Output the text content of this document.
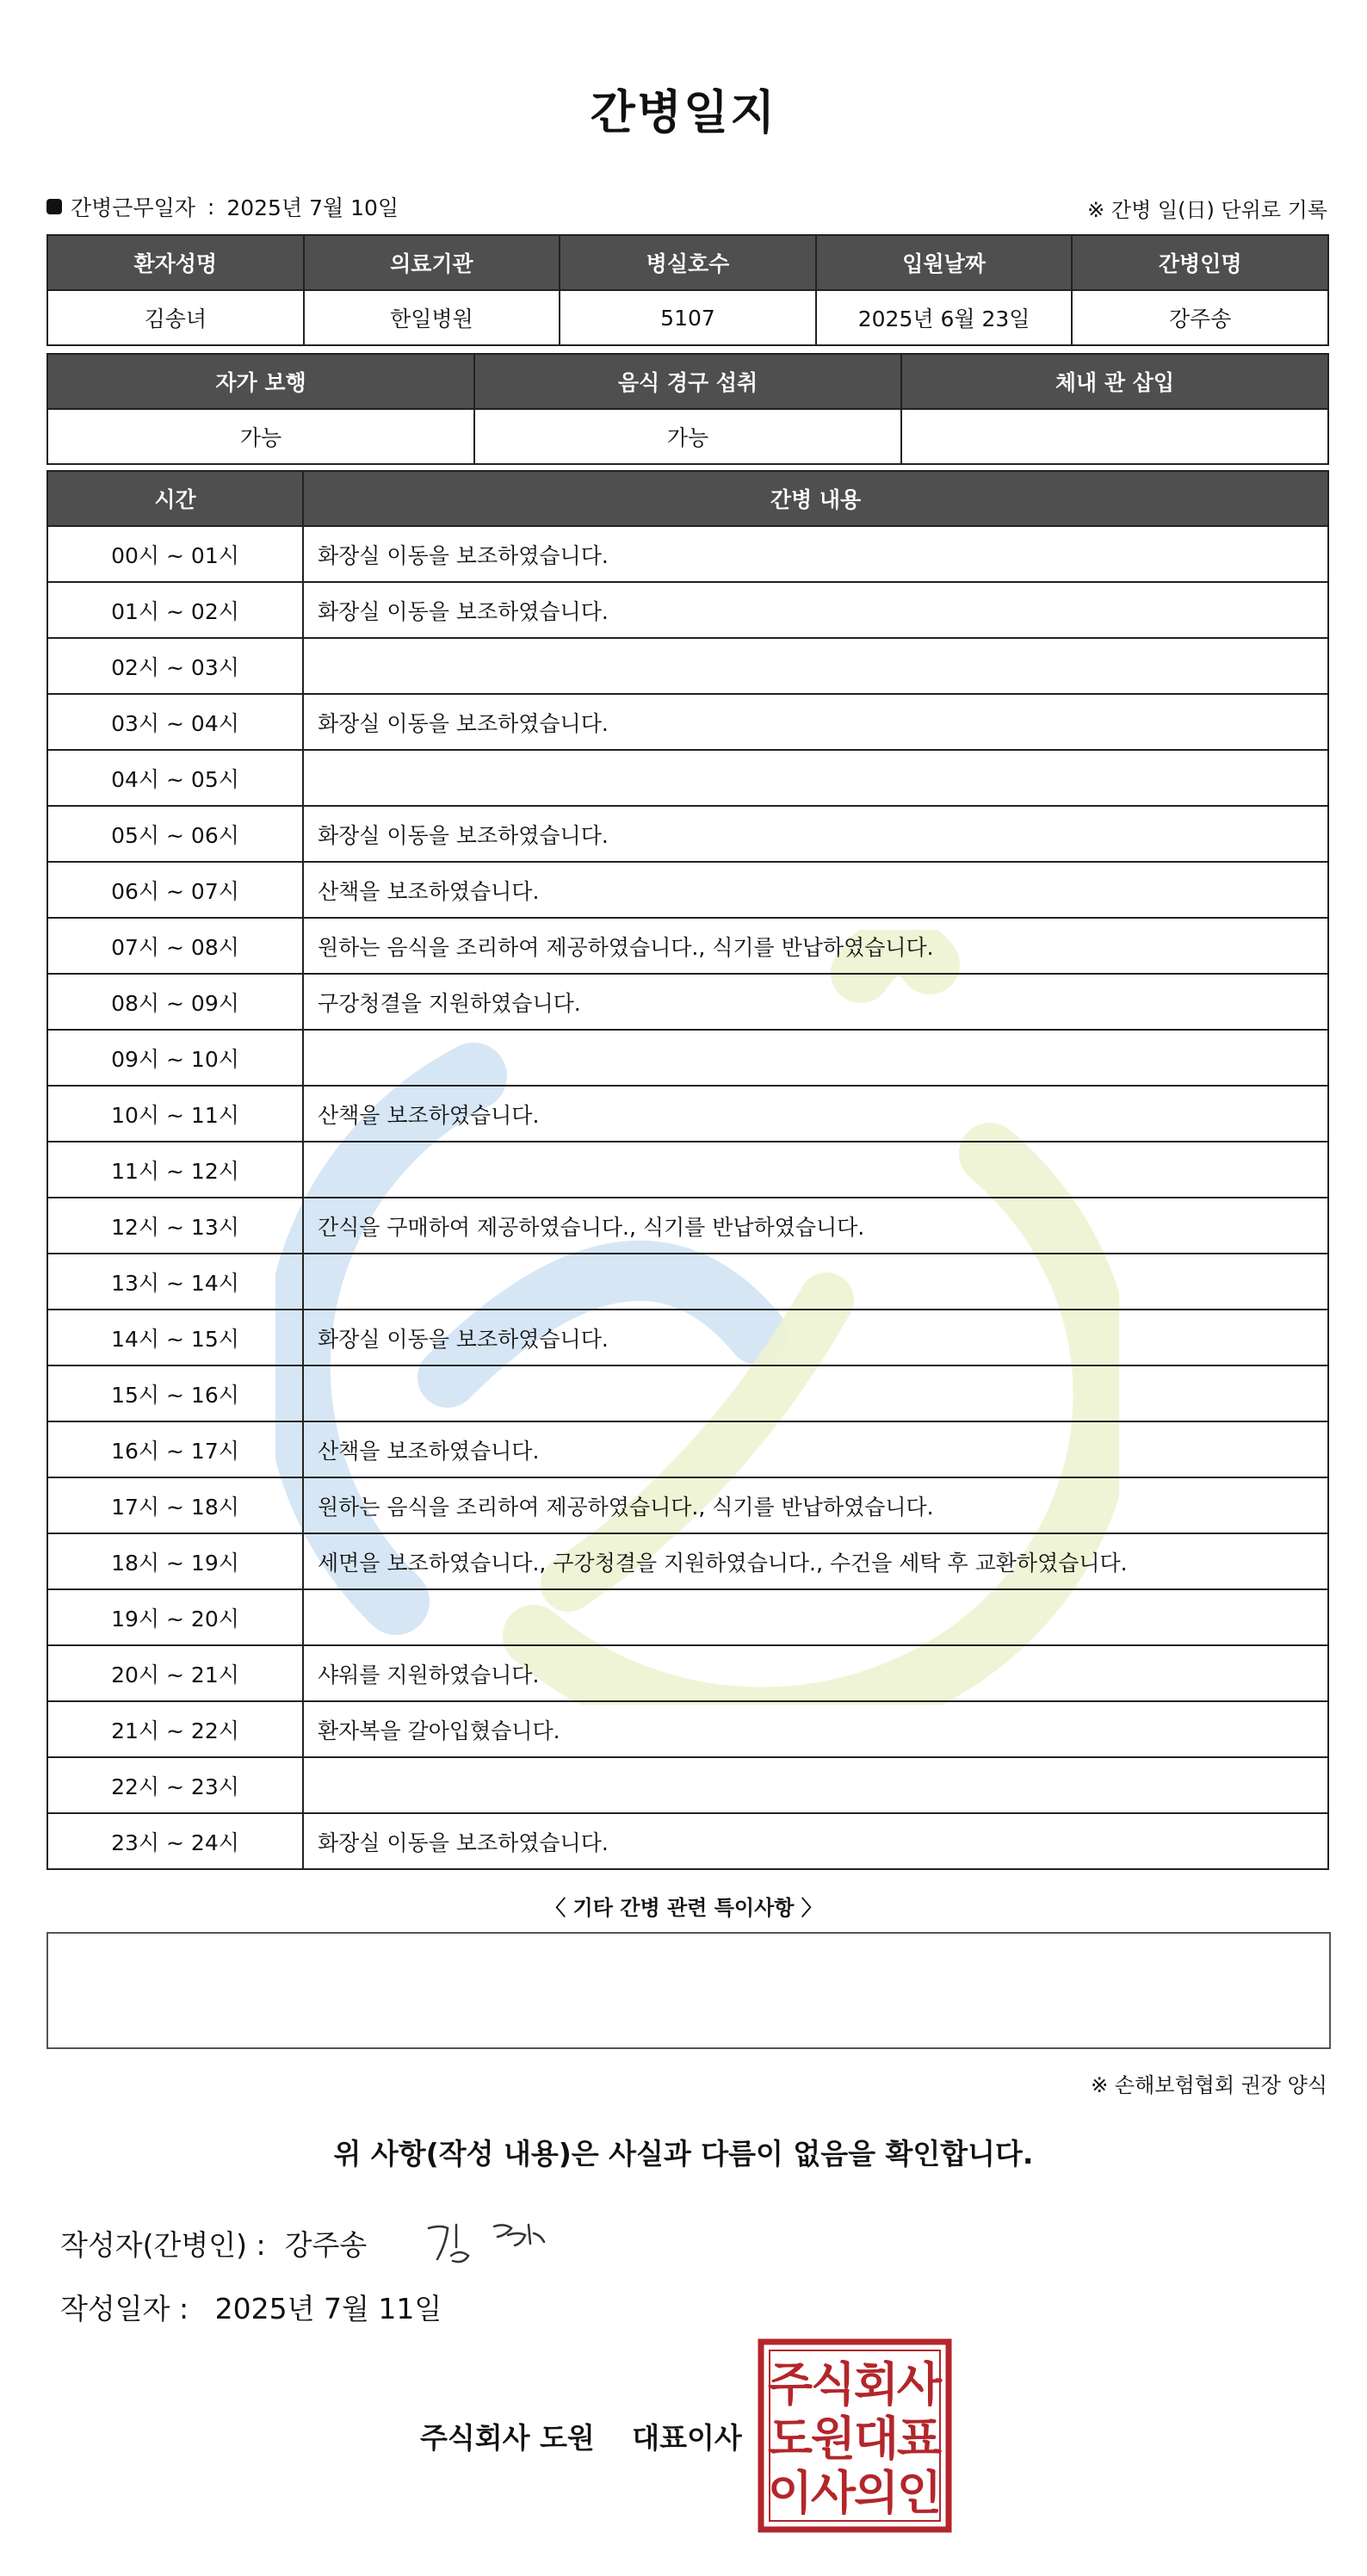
간병일지
간병근무일자 : 2025년 7월 10일	※ 간병 일(日) 단위로 기록
환자성명	의료기관	병실호수	입원날짜	간병인명
김송녀	한일병원	5107	2025년 6월 23일	강주송
자가 보행	음식 경구 섭취	체내 관 삽입
가능	가능	
시간	간병 내용
00시 ~ 01시	화장실 이동을 보조하였습니다.
01시 ~ 02시	화장실 이동을 보조하였습니다.
02시 ~ 03시	
03시 ~ 04시	화장실 이동을 보조하였습니다.
04시 ~ 05시	
05시 ~ 06시	화장실 이동을 보조하였습니다.
06시 ~ 07시	산책을 보조하였습니다.
07시 ~ 08시	원하는 음식을 조리하여 제공하였습니다., 식기를 반납하였습니다.
08시 ~ 09시	구강청결을 지원하였습니다.
09시 ~ 10시	
10시 ~ 11시	산책을 보조하였습니다.
11시 ~ 12시	
12시 ~ 13시	간식을 구매하여 제공하였습니다., 식기를 반납하였습니다.
13시 ~ 14시	
14시 ~ 15시	화장실 이동을 보조하였습니다.
15시 ~ 16시	
16시 ~ 17시	산책을 보조하였습니다.
17시 ~ 18시	원하는 음식을 조리하여 제공하였습니다., 식기를 반납하였습니다.
18시 ~ 19시	세면을 보조하였습니다., 구강청결을 지원하였습니다., 수건을 세탁 후 교환하였습니다.
19시 ~ 20시	
20시 ~ 21시	샤워를 지원하였습니다.
21시 ~ 22시	환자복을 갈아입혔습니다.
22시 ~ 23시	
23시 ~ 24시	화장실 이동을 보조하였습니다.
〈 기타 간병 관련 특이사항 〉
※ 손해보험협회 권장 양식
위 사항(작성 내용)은 사실과 다름이 없음을 확인합니다.
작성자(간병인) : 강주송
작성일자 : 2025년 7월 11일
주식회사 도원 대표이사
주
식
회
사
도
원
대
표
이
사
의
인
